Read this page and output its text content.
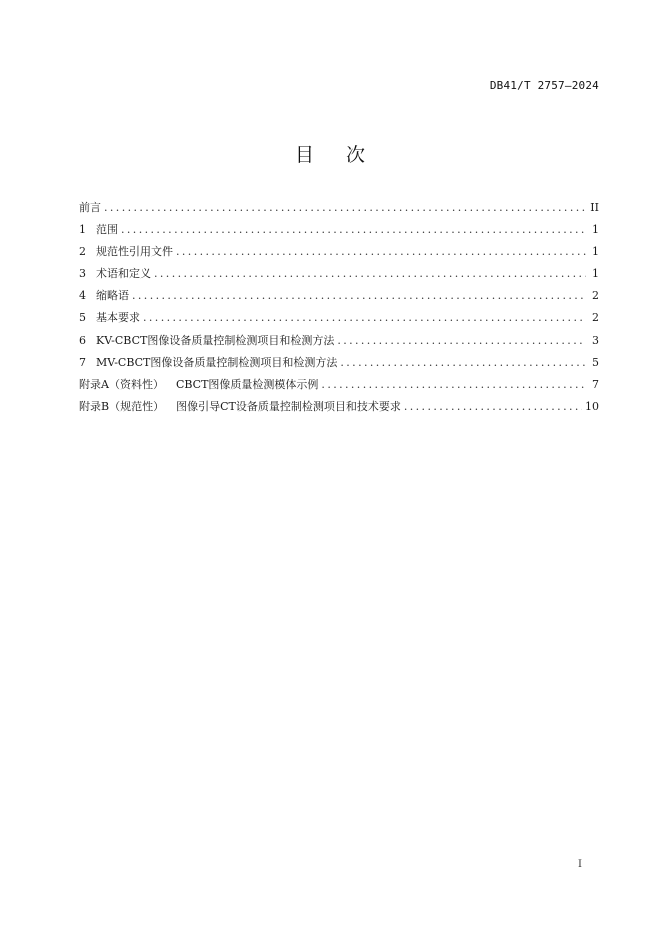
DB41/T 2757—2024
目 次
前言 .....	II
1 范围 .....	1
2 规范性引用文件 .....	1
3 术语和定义 .....	1
4 缩略语 .....	2
5 基本要求 .....	2
6 KV-CBCT图像设备质量控制检测项目和检测方法 .....	3
7 MV-CBCT图像设备质量控制检测项目和检测方法 .....	5
附录A（资料性） CBCT图像质量检测模体示例 .....	7
附录B（规范性） 图像引导CT设备质量控制检测项目和技术要求 .....	10
I
